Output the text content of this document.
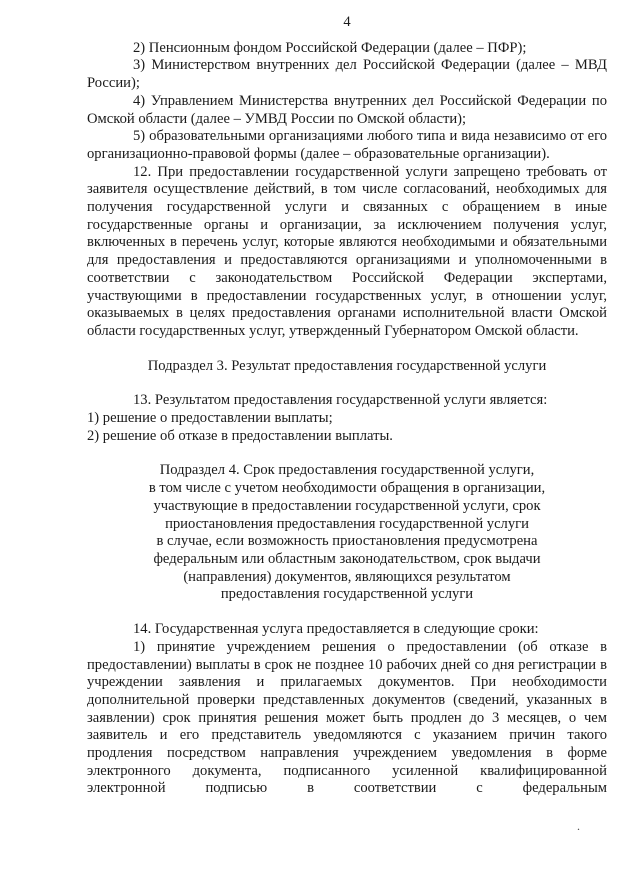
4

2) Пенсионным фондом Российской Федерации (далее – ПФР);

3) Министерством внутренних дел Российской Федерации (далее – МВД России);

4) Управлением Министерства внутренних дел Российской Федерации по Омской области (далее – УМВД России по Омской области);

5) образовательными организациями любого типа и вида независимо от его организационно-правовой формы (далее – образовательные организации).

12. При предоставлении государственной услуги запрещено требовать от заявителя осуществление действий, в том числе согласований, необходимых для получения государственной услуги и связанных с обращением в иные государственные органы и организации, за исключением получения услуг, включенных в перечень услуг, которые являются необходимыми и обязательными для предоставления и предоставляются организациями и уполномоченными в соответствии с законодательством Российской Федерации экспертами, участвующими в предоставлении государственных услуг, в отношении услуг, оказываемых в целях предоставления органами исполнительной власти Омской области государственных услуг, утвержденный Губернатором Омской области.

Подраздел 3. Результат предоставления государственной услуги

13. Результатом предоставления государственной услуги является:

1) решение о предоставлении выплаты;

2) решение об отказе в предоставлении выплаты.

Подраздел 4. Срок предоставления государственной услуги,
в том числе с учетом необходимости обращения в организации,
участвующие в предоставлении государственной услуги, срок
приостановления предоставления государственной услуги
в случае, если возможность приостановления предусмотрена
федеральным или областным законодательством, срок выдачи
(направления) документов, являющихся результатом
предоставления государственной услуги

14. Государственная услуга предоставляется в следующие сроки:

1) принятие учреждением решения о предоставлении (об отказе в предоставлении) выплаты в срок не позднее 10 рабочих дней со дня регистрации в учреждении заявления и прилагаемых документов. При необходимости дополнительной проверки представленных документов (сведений, указанных в заявлении) срок принятия решения может быть продлен до 3 месяцев, о чем заявитель и его представитель уведомляются с указанием причин такого продления посредством направления учреждением уведомления в форме электронного документа, подписанного усиленной квалифицированной электронной подписью в соответствии с федеральным

.
